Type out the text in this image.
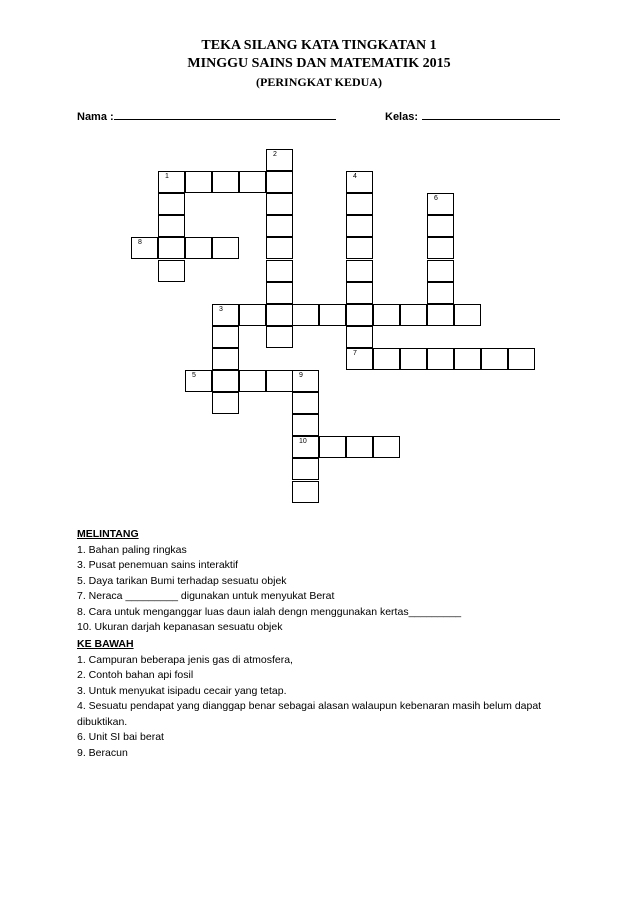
TEKA SILANG KATA TINGKATAN 1
MINGGU SAINS DAN MATEMATIK 2015
(PERINGKAT KEDUA)
Nama :	Kelas:
2
1	4
6
8
3
7
5	9
10
MELINTANG
1. Bahan paling ringkas
3. Pusat penemuan sains interaktif
5. Daya tarikan Bumi terhadap sesuatu objek
7. Neraca _________ digunakan untuk menyukat Berat
8. Cara untuk menganggar luas daun ialah dengn menggunakan kertas_________
10. Ukuran darjah kepanasan sesuatu objek
KE BAWAH
1. Campuran beberapa jenis gas di atmosfera,
2. Contoh bahan api fosil
3. Untuk menyukat isipadu cecair yang tetap.
4. Sesuatu pendapat yang dianggap benar sebagai alasan walaupun kebenaran masih belum dapat
dibuktikan.
6. Unit SI bai berat
9. Beracun
